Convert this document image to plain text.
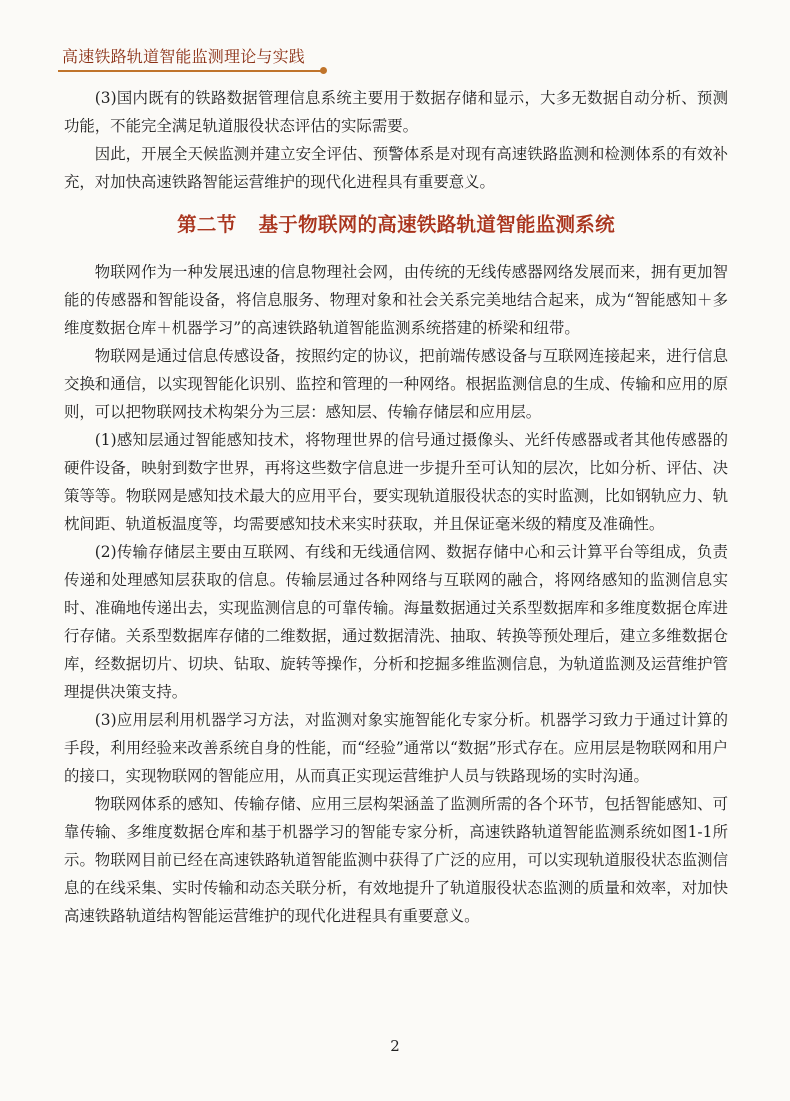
高速铁路轨道智能监测理论与实践

(3)国内既有的铁路数据管理信息系统主要用于数据存储和显示，大多无数据自动分析、预测功能，不能完全满足轨道服役状态评估的实际需要。

因此，开展全天候监测并建立安全评估、预警体系是对现有高速铁路监测和检测体系的有效补充，对加快高速铁路智能运营维护的现代化进程具有重要意义。

第二节 基于物联网的高速铁路轨道智能监测系统

物联网作为一种发展迅速的信息物理社会网，由传统的无线传感器网络发展而来，拥有更加智能的传感器和智能设备，将信息服务、物理对象和社会关系完美地结合起来，成为“智能感知＋多维度数据仓库＋机器学习”的高速铁路轨道智能监测系统搭建的桥梁和纽带。

物联网是通过信息传感设备，按照约定的协议，把前端传感设备与互联网连接起来，进行信息交换和通信，以实现智能化识别、监控和管理的一种网络。根据监测信息的生成、传输和应用的原则，可以把物联网技术构架分为三层：感知层、传输存储层和应用层。

(1)感知层通过智能感知技术，将物理世界的信号通过摄像头、光纤传感器或者其他传感器的硬件设备，映射到数字世界，再将这些数字信息进一步提升至可认知的层次，比如分析、评估、决策等等。物联网是感知技术最大的应用平台，要实现轨道服役状态的实时监测，比如钢轨应力、轨枕间距、轨道板温度等，均需要感知技术来实时获取，并且保证毫米级的精度及准确性。

(2)传输存储层主要由互联网、有线和无线通信网、数据存储中心和云计算平台等组成，负责传递和处理感知层获取的信息。传输层通过各种网络与互联网的融合，将网络感知的监测信息实时、准确地传递出去，实现监测信息的可靠传输。海量数据通过关系型数据库和多维度数据仓库进行存储。关系型数据库存储的二维数据，通过数据清洗、抽取、转换等预处理后，建立多维数据仓库，经数据切片、切块、钻取、旋转等操作，分析和挖掘多维监测信息，为轨道监测及运营维护管理提供决策支持。

(3)应用层利用机器学习方法，对监测对象实施智能化专家分析。机器学习致力于通过计算的手段，利用经验来改善系统自身的性能，而“经验”通常以“数据”形式存在。应用层是物联网和用户的接口，实现物联网的智能应用，从而真正实现运营维护人员与铁路现场的实时沟通。

物联网体系的感知、传输存储、应用三层构架涵盖了监测所需的各个环节，包括智能感知、可靠传输、多维度数据仓库和基于机器学习的智能专家分析，高速铁路轨道智能监测系统如图1-1所示。物联网目前已经在高速铁路轨道智能监测中获得了广泛的应用，可以实现轨道服役状态监测信息的在线采集、实时传输和动态关联分析，有效地提升了轨道服役状态监测的质量和效率，对加快高速铁路轨道结构智能运营维护的现代化进程具有重要意义。

2
